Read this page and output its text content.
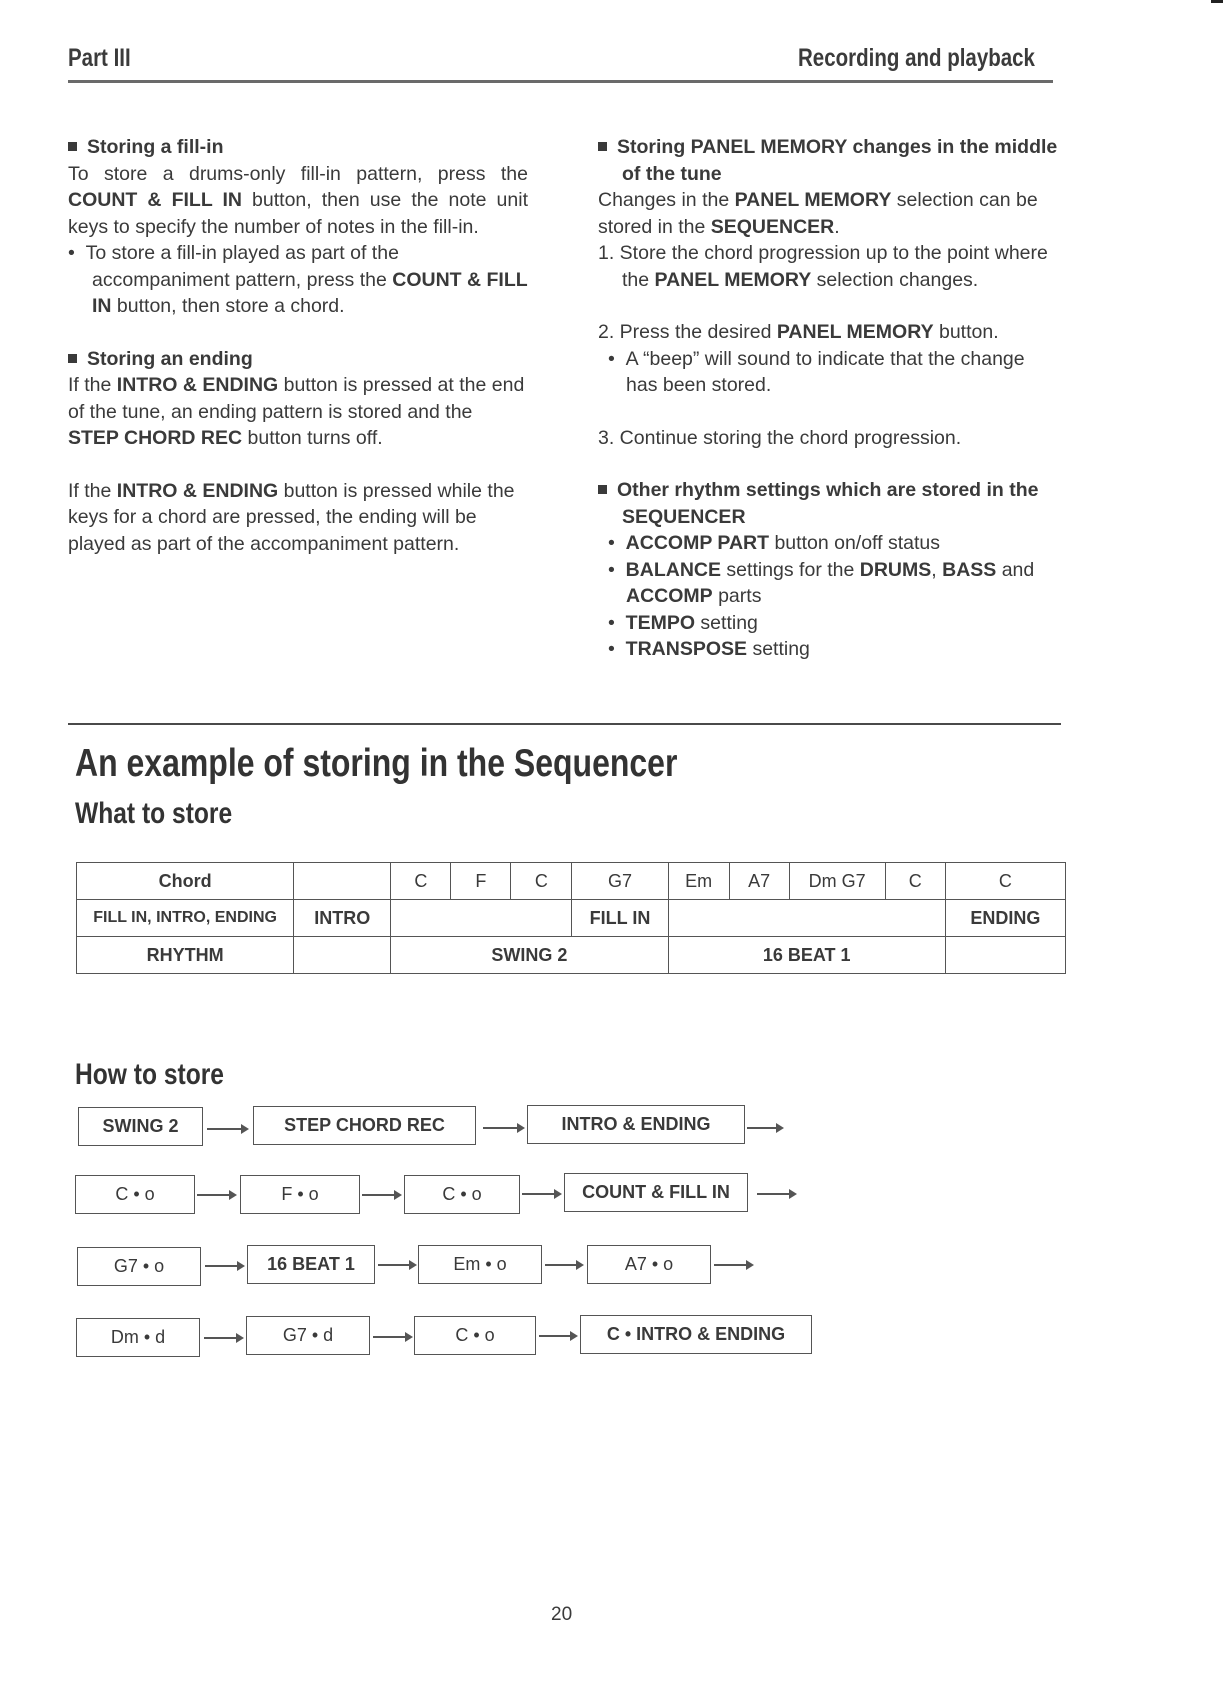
Part III	Recording and playback

Storing a fill-in

To store a drums-only fill-in pattern, press the COUNT & FILL IN button, then use the note unit keys to specify the number of notes in the fill-in.

•  To store a fill-in played as part of the accompaniment pattern, press the COUNT & FILL IN button, then store a chord.

Storing an ending

If the INTRO & ENDING button is pressed at the end of the tune, an ending pattern is stored and the STEP CHORD REC button turns off.

If the INTRO & ENDING button is pressed while the keys for a chord are pressed, the ending will be played as part of the accompaniment pattern.

Storing PANEL MEMORY changes in the middle of the tune

Changes in the PANEL MEMORY selection can be stored in the SEQUENCER.

1. Store the chord progression up to the point where the PANEL MEMORY selection changes.

2. Press the desired PANEL MEMORY button.

•  A “beep” will sound to indicate that the change has been stored.

3. Continue storing the chord progression.

Other rhythm settings which are stored in the SEQUENCER

•  ACCOMP PART button on/off status

•  BALANCE settings for the DRUMS, BASS and ACCOMP parts

•  TEMPO setting

•  TRANSPOSE setting

An example of storing in the Sequencer
What to store
Chord		C	F	C	G7	Em	A7	Dm G7	C	C
FILL IN, INTRO, ENDING	INTRO				FILL IN					ENDING
RHYTHM		SWING 2				16 BEAT 1				
How to store
SWING 2	STEP CHORD REC	INTRO & ENDING
C • o	F • o	C • o	COUNT & FILL IN
G7 • o	16 BEAT 1	Em • o	A7 • o
Dm • d	G7 • d	C • o	C • INTRO & ENDING
20
